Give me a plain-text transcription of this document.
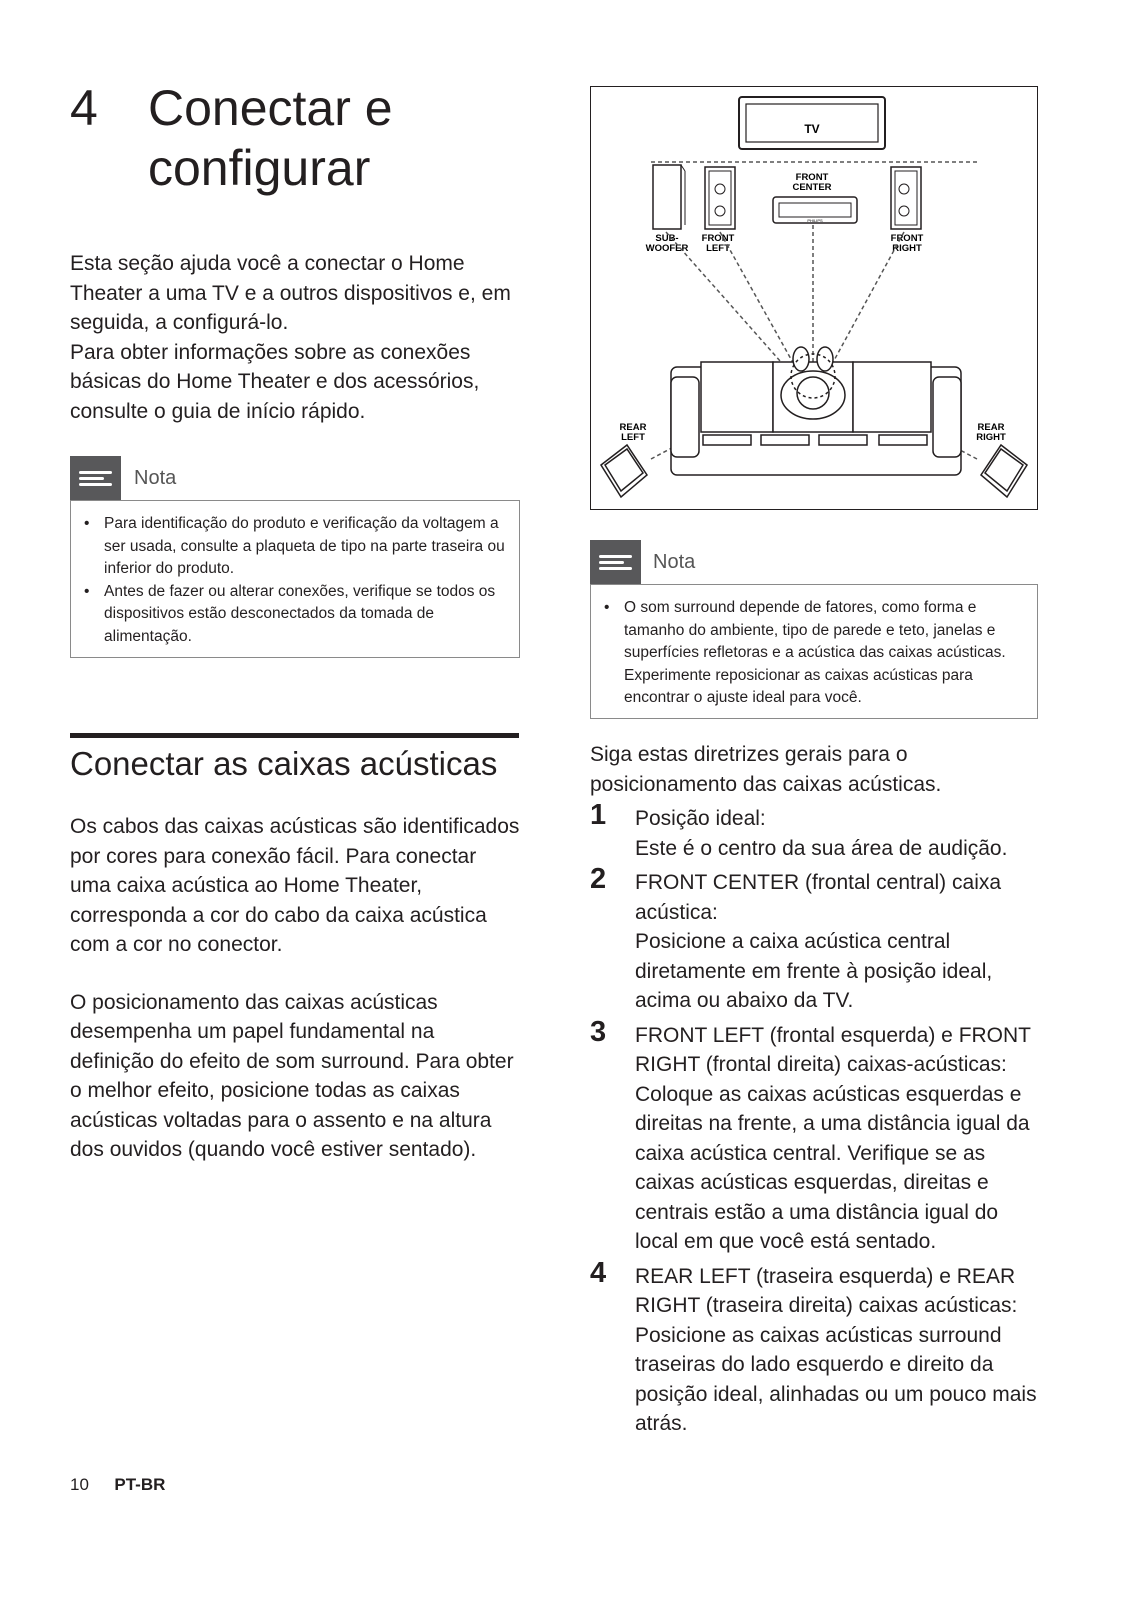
4 Conectar e configurar

Esta seção ajuda você a conectar o Home Theater a uma TV e a outros dispositivos e, em seguida, a configurá-lo.

Para obter informações sobre as conexões básicas do Home Theater e dos acessórios, consulte o guia de início rápido.

Nota
• Para identificação do produto e verificação da voltagem a ser usada, consulte a plaqueta de tipo na parte traseira ou inferior do produto.
• Antes de fazer ou alterar conexões, verifique se todos os dispositivos estão desconectados da tomada de alimentação.
Conectar as caixas acústicas

Os cabos das caixas acústicas são identificados por cores para conexão fácil. Para conectar uma caixa acústica ao Home Theater, corresponda a cor do cabo da caixa acústica com a cor no conector.

O posicionamento das caixas acústicas desempenha um papel fundamental na definição do efeito de som surround. Para obter o melhor efeito, posicione todas as caixas acústicas voltadas para o assento e na altura dos ouvidos (quando você estiver sentado).

TV
PHILIPS
FRONT
CENTER
SUB-
WOOFER
FRONT
LEFT
FRONT
RIGHT
REAR
LEFT
REAR
RIGHT
Nota
• O som surround depende de fatores, como forma e tamanho do ambiente, tipo de parede e teto, janelas e superfícies refletoras e a acústica das caixas acústicas. Experimente reposicionar as caixas acústicas para encontrar o ajuste ideal para você.

Siga estas diretrizes gerais para o posicionamento das caixas acústicas.

1 Posição ideal:
Este é o centro da sua área de audição.
2 FRONT CENTER (frontal central) caixa acústica:
Posicione a caixa acústica central diretamente em frente à posição ideal, acima ou abaixo da TV.
3 FRONT LEFT (frontal esquerda) e FRONT RIGHT (frontal direita) caixas-acústicas:
Coloque as caixas acústicas esquerdas e direitas na frente, a uma distância igual da caixa acústica central. Verifique se as caixas acústicas esquerdas, direitas e centrais estão a uma distância igual do local em que você está sentado.
4 REAR LEFT (traseira esquerda) e REAR RIGHT (traseira direita) caixas acústicas:
Posicione as caixas acústicas surround traseiras do lado esquerdo e direito da posição ideal, alinhadas ou um pouco mais atrás.
10 PT-BR
